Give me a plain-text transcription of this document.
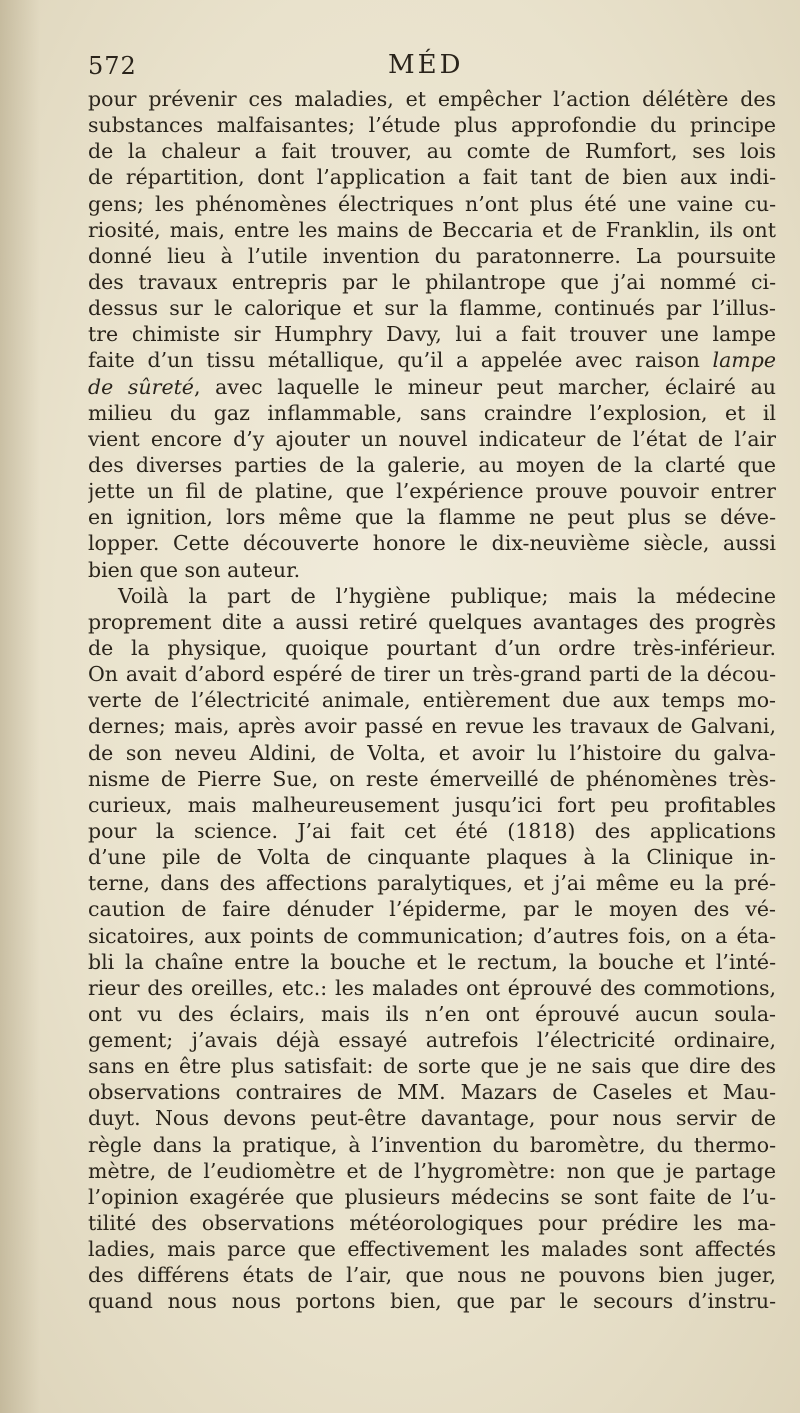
572	MÉD
pour prévenir ces maladies, et empêcher l’action délétère des
substances malfaisantes; l’étude plus approfondie du principe
de la chaleur a fait trouver, au comte de Rumfort, ses lois
de répartition, dont l’application a fait tant de bien aux indi-
gens; les phénomènes électriques n’ont plus été une vaine cu-
riosité, mais, entre les mains de Beccaria et de Franklin, ils ont
donné lieu à l’utile invention du paratonnerre. La poursuite
des travaux entrepris par le philantrope que j’ai nommé ci-
dessus sur le calorique et sur la flamme, continués par l’illus-
tre chimiste sir Humphry Davy, lui a fait trouver une lampe
faite d’un tissu métallique, qu’il a appelée avec raison lampe
de sûreté, avec laquelle le mineur peut marcher, éclairé au
milieu du gaz inflammable, sans craindre l’explosion, et il
vient encore d’y ajouter un nouvel indicateur de l’état de l’air
des diverses parties de la galerie, au moyen de la clarté que
jette un fil de platine, que l’expérience prouve pouvoir entrer
en ignition, lors même que la flamme ne peut plus se déve-
lopper. Cette découverte honore le dix-neuvième siècle, aussi
bien que son auteur.
Voilà la part de l’hygiène publique; mais la médecine
proprement dite a aussi retiré quelques avantages des progrès
de la physique, quoique pourtant d’un ordre très-inférieur.
On avait d’abord espéré de tirer un très-grand parti de la décou-
verte de l’électricité animale, entièrement due aux temps mo-
dernes; mais, après avoir passé en revue les travaux de Galvani,
de son neveu Aldini, de Volta, et avoir lu l’histoire du galva-
nisme de Pierre Sue, on reste émerveillé de phénomènes très-
curieux, mais malheureusement jusqu’ici fort peu profitables
pour la science. J’ai fait cet été (1818) des applications
d’une pile de Volta de cinquante plaques à la Clinique in-
terne, dans des affections paralytiques, et j’ai même eu la pré-
caution de faire dénuder l’épiderme, par le moyen des vé-
sicatoires, aux points de communication; d’autres fois, on a éta-
bli la chaîne entre la bouche et le rectum, la bouche et l’inté-
rieur des oreilles, etc.: les malades ont éprouvé des commotions,
ont vu des éclairs, mais ils n’en ont éprouvé aucun soula-
gement; j’avais déjà essayé autrefois l’électricité ordinaire,
sans en être plus satisfait: de sorte que je ne sais que dire des
observations contraires de MM. Mazars de Caseles et Mau-
duyt. Nous devons peut-être davantage, pour nous servir de
règle dans la pratique, à l’invention du baromètre, du thermo-
mètre, de l’eudiomètre et de l’hygromètre: non que je partage
l’opinion exagérée que plusieurs médecins se sont faite de l’u-
tilité des observations météorologiques pour prédire les ma-
ladies, mais parce que effectivement les malades sont affectés
des différens états de l’air, que nous ne pouvons bien juger,
quand nous nous portons bien, que par le secours d’instru-
